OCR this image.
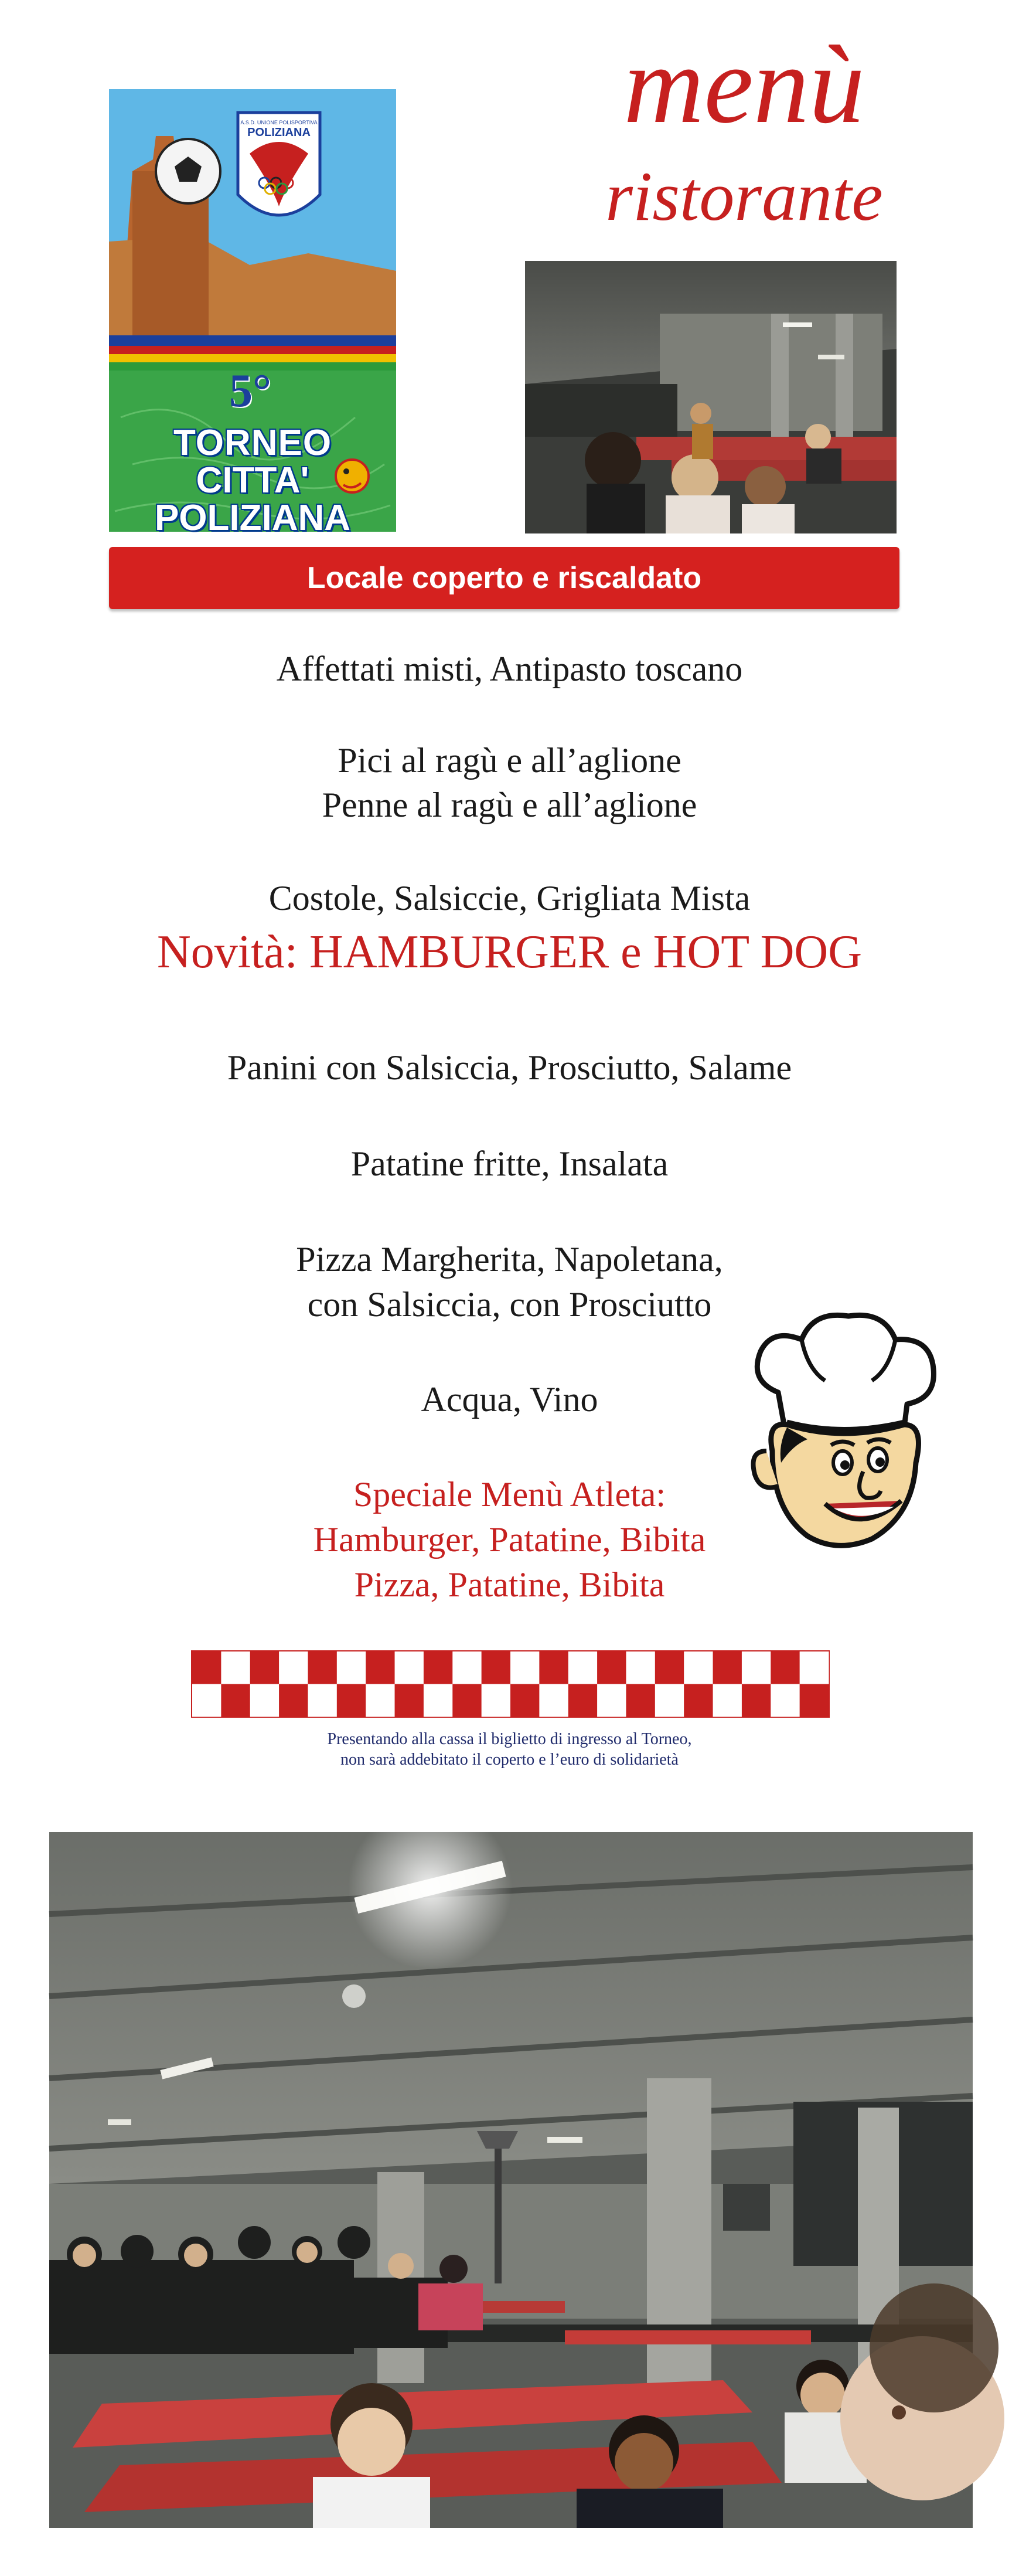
menù
ristorante
A.S.D. UNIONE POLISPORTIVA
POLIZIANA
5°
TORNEO
CITTA'
POLIZIANA
Locale coperto e riscaldato
Affettati misti, Antipasto toscano
Pici al ragù e all’aglione
Penne al ragù e all’aglione
Costole, Salsiccie, Grigliata Mista
Novità: HAMBURGER e HOT DOG
Panini con Salsiccia, Prosciutto, Salame
Patatine fritte, Insalata
Pizza Margherita, Napoletana,
con Salsiccia, con Prosciutto
Acqua, Vino
Speciale Menù Atleta:
Hamburger, Patatine, Bibita
Pizza, Patatine, Bibita
Presentando alla cassa il biglietto di ingresso al Torneo,
non sarà addebitato il coperto e l’euro di solidarietà
